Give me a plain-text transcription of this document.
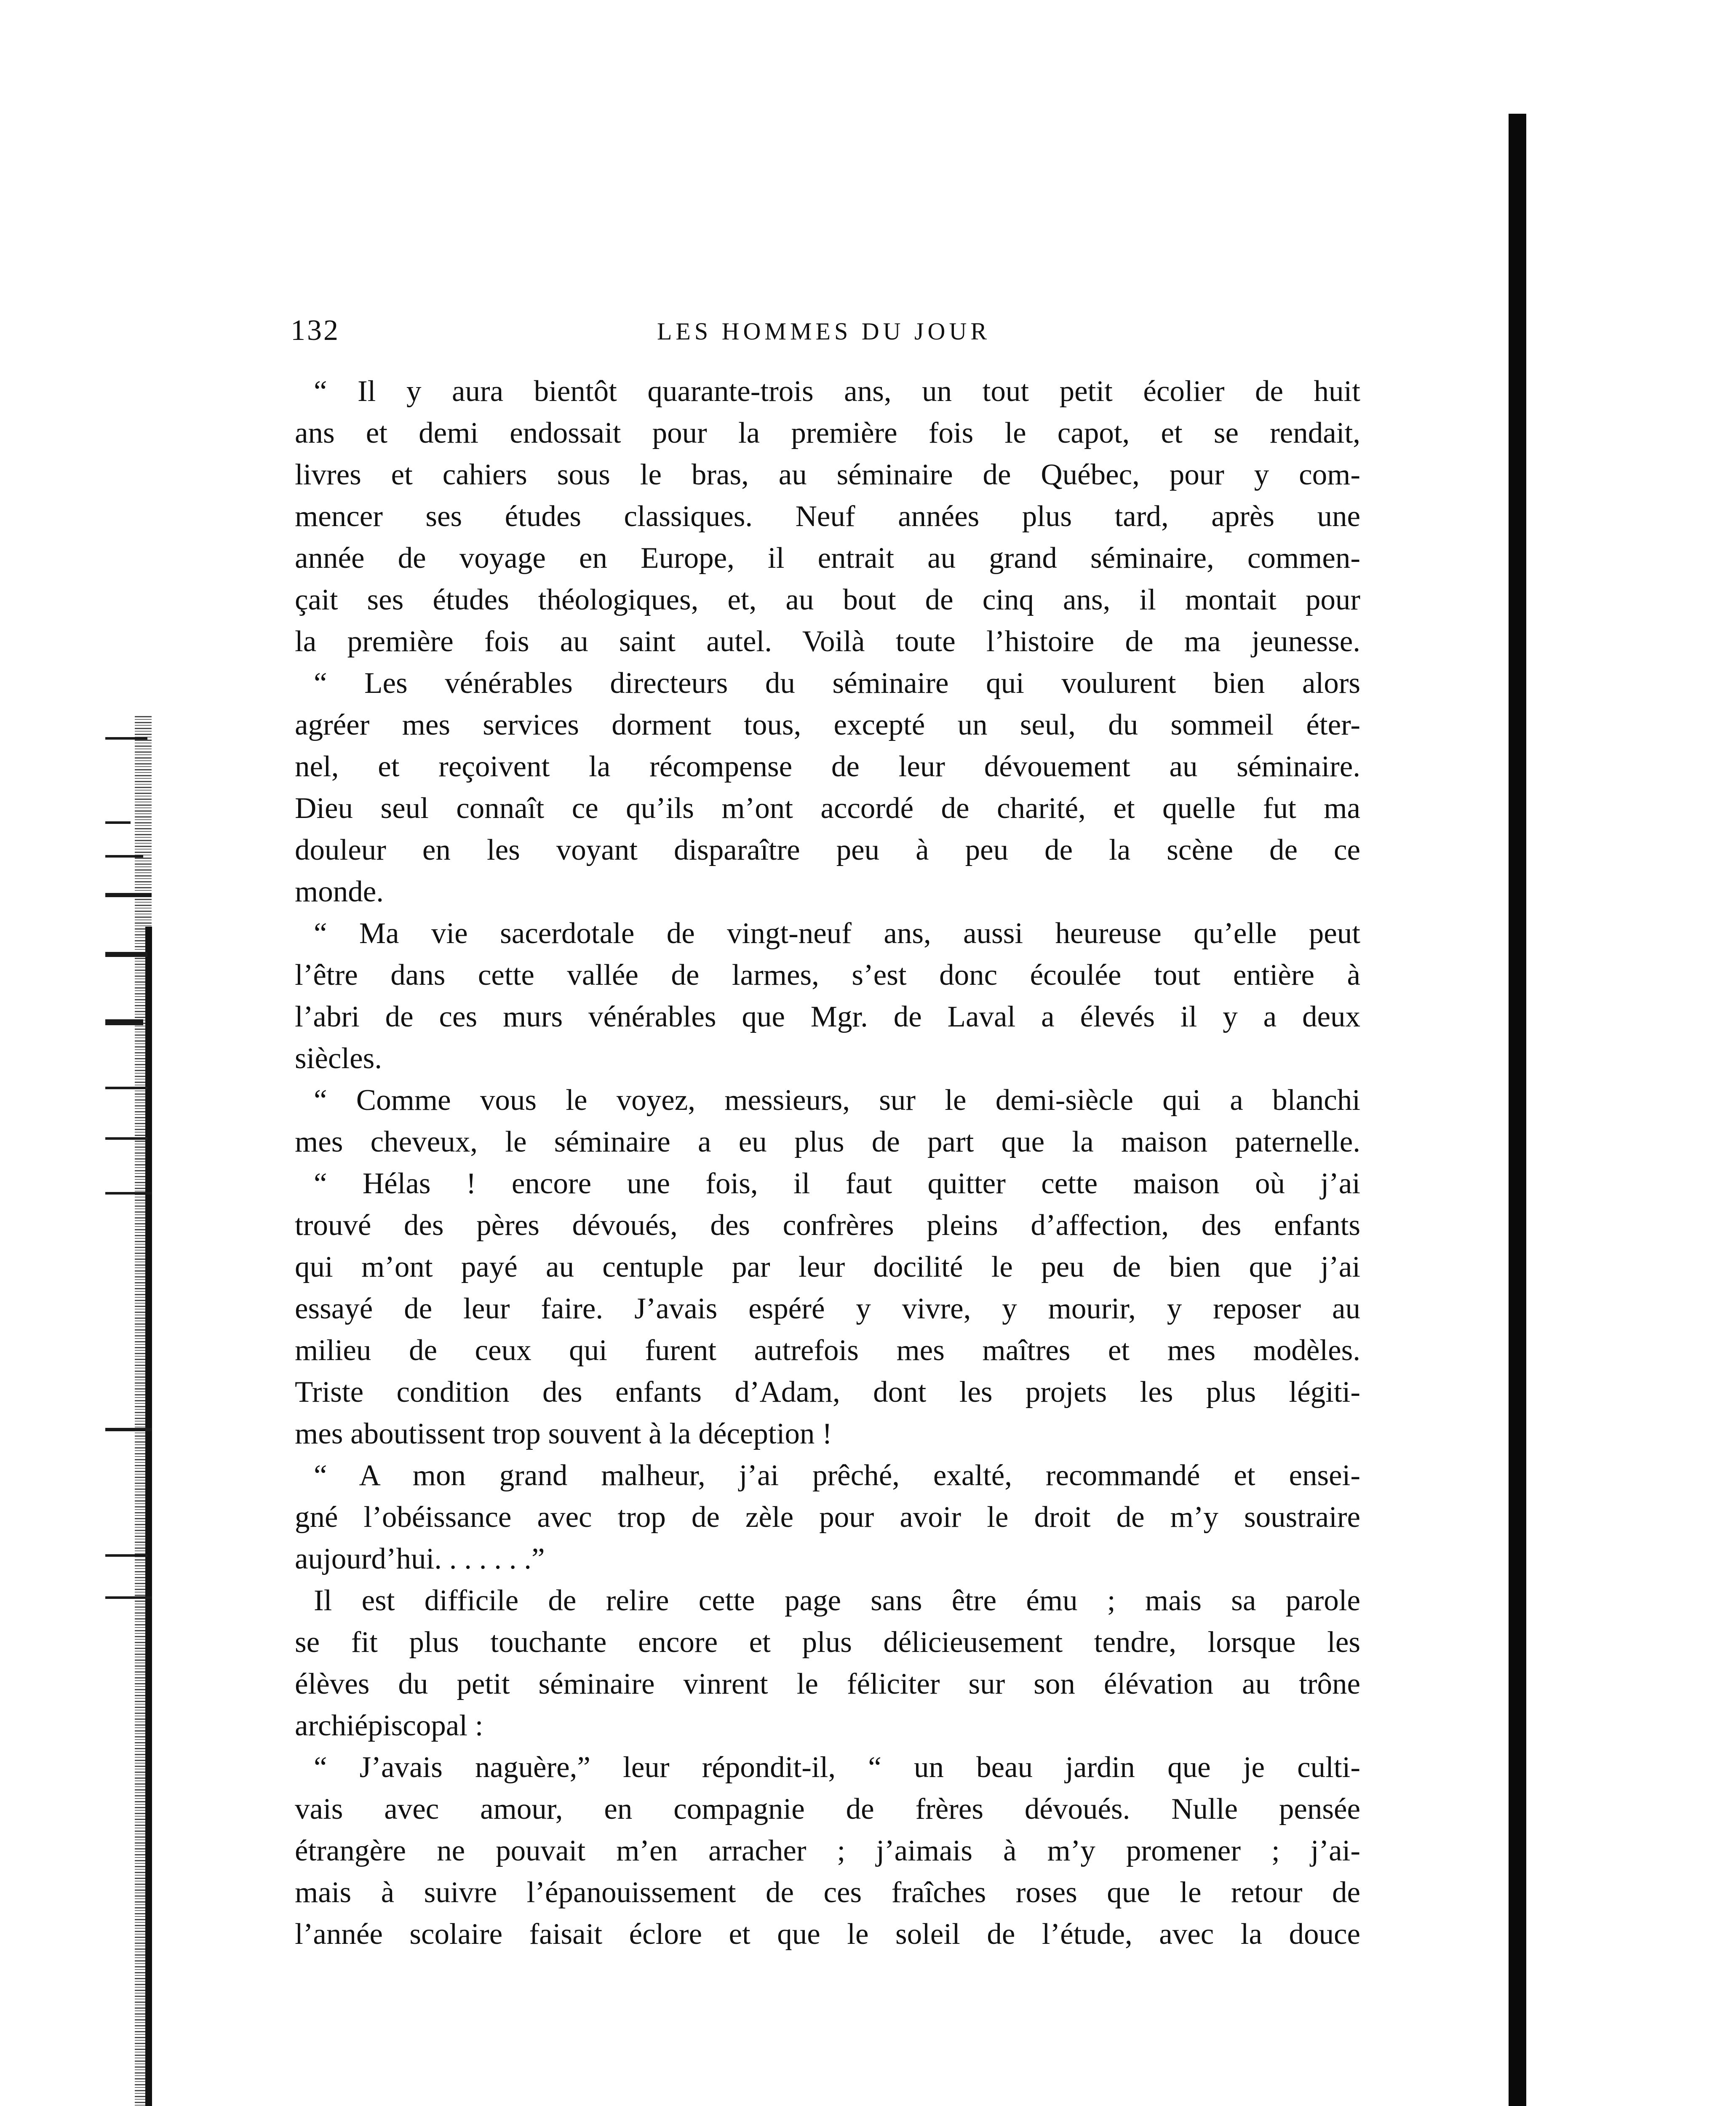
132	LES HOMMES DU JOUR
“ Il y aura bientôt quarante-trois ans, un tout petit écolier de huit
ans et demi endossait pour la première fois le capot, et se rendait,
livres et cahiers sous le bras, au séminaire de Québec, pour y com-
mencer ses études classiques. Neuf années plus tard, après une
année de voyage en Europe, il entrait au grand séminaire, commen-
çait ses études théologiques, et, au bout de cinq ans, il montait pour
la première fois au saint autel. Voilà toute l’histoire de ma jeunesse.
“ Les vénérables directeurs du séminaire qui voulurent bien alors
agréer mes services dorment tous, excepté un seul, du sommeil éter-
nel, et reçoivent la récompense de leur dévouement au séminaire.
Dieu seul connaît ce qu’ils m’ont accordé de charité, et quelle fut ma
douleur en les voyant disparaître peu à peu de la scène de ce
monde.
“ Ma vie sacerdotale de vingt-neuf ans, aussi heureuse qu’elle peut
l’être dans cette vallée de larmes, s’est donc écoulée tout entière à
l’abri de ces murs vénérables que Mgr. de Laval a élevés il y a deux
siècles.
“ Comme vous le voyez, messieurs, sur le demi-siècle qui a blanchi
mes cheveux, le séminaire a eu plus de part que la maison paternelle.
“ Hélas ! encore une fois, il faut quitter cette maison où j’ai
trouvé des pères dévoués, des confrères pleins d’affection, des enfants
qui m’ont payé au centuple par leur docilité le peu de bien que j’ai
essayé de leur faire. J’avais espéré y vivre, y mourir, y reposer au
milieu de ceux qui furent autrefois mes maîtres et mes modèles.
Triste condition des enfants d’Adam, dont les projets les plus légiti-
mes aboutissent trop souvent à la déception !
“ A mon grand malheur, j’ai prêché, exalté, recommandé et ensei-
gné l’obéissance avec trop de zèle pour avoir le droit de m’y soustraire
aujourd’hui. . . . . . .”
Il est difficile de relire cette page sans être ému ; mais sa parole
se fit plus touchante encore et plus délicieusement tendre, lorsque les
élèves du petit séminaire vinrent le féliciter sur son élévation au trône
archiépiscopal :
“ J’avais naguère,” leur répondit-il, “ un beau jardin que je culti-
vais avec amour, en compagnie de frères dévoués. Nulle pensée
étrangère ne pouvait m’en arracher ; j’aimais à m’y promener ; j’ai-
mais à suivre l’épanouissement de ces fraîches roses que le retour de
l’année scolaire faisait éclore et que le soleil de l’étude, avec la douce
